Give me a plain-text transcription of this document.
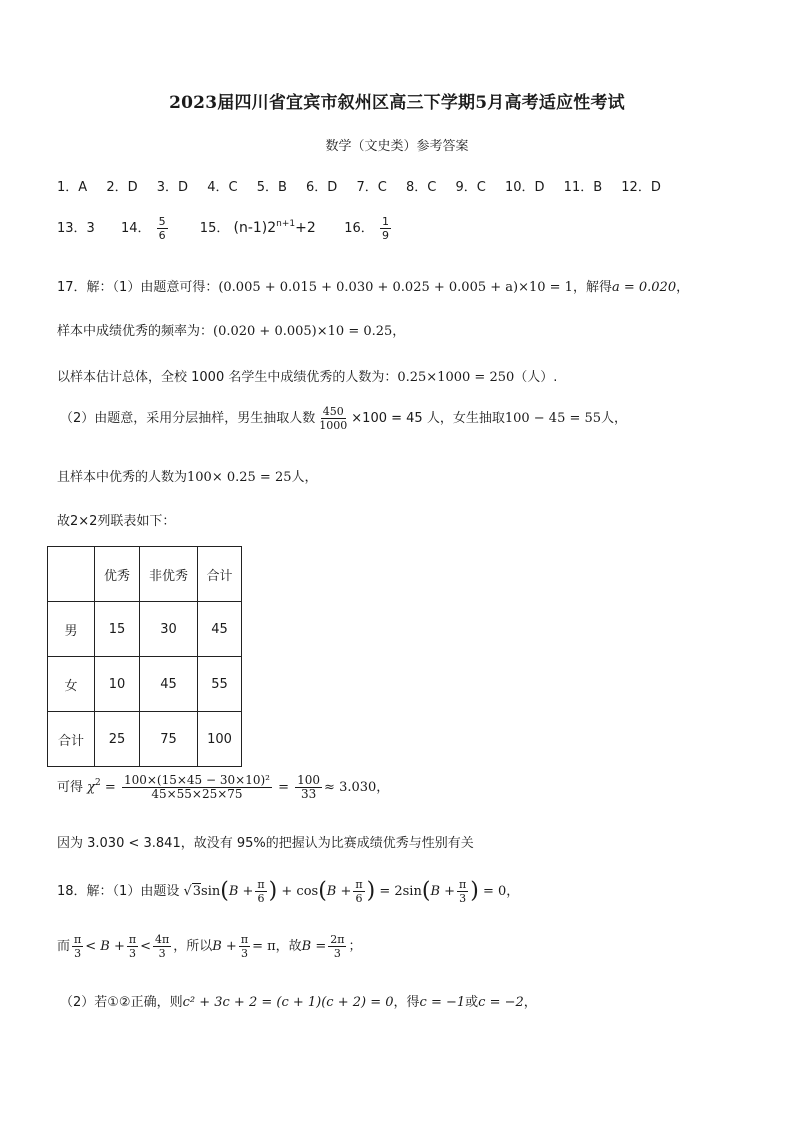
2023届四川省宜宾市叙州区高三下学期5月高考适应性考试
数学（文史类）参考答案
1．A 2．D 3．D 4．C 5．B 6．D 7．C 8．C 9．C 10．D 11．B 12．D
13．3 14． $\frac{5}{6} 15$． $(n-1)2^{n+1}+2$ 16． $\frac{1}{9}$
17．解：（1）由题意可得：(0.005 + 0.015 + 0.030 + 0.025 + 0.005 + a)×10 = 1，解得a = 0.020，
样本中成绩优秀的频率为：(0.020 + 0.005)×10 = 0.25，
以样本估计总体，全校 1000 名学生中成绩优秀的人数为：0.25×1000 = 250（人）.
（2）由题意，采用分层抽样，男生抽取人数 $\frac{450}{1000} \times 100 = 45$ 人，女生抽取100 − 45 = 55人，
且样本中优秀的人数为100× 0.25 = 25人，
故2×2列联表如下：
	优秀	非优秀	合计
男	15	30	45
女	10	45	55
合计	25	75	100
可得 $\chi^2 = \frac{\text{100×(15×45 − 30×10)²}}{45\times 55\times 25\times 75} = \frac{100}{33} \approx 3.030$，
因为 3.030 < 3.841，故没有 95%的把握认为比赛成绩优秀与性别有关
18．解：（1）由题设 $√3\sin(B + \frac{\pi}{6}$ ) + $\cos(B + \frac{\pi}{6}$ ) = $2\sin(B + \frac{\pi}{3}$ ) = 0，
而 $\frac{\pi}{3} < B + \frac{\pi}{3} < \frac{4\pi}{3}$ ，所以$B + \frac{\pi}{3} = \pi$，故$B = \frac{2\pi}{3}$ ；
（2）若①②正确，则c² + 3c + 2 = (c + 1)(c + 2) = 0，得c = −1或c = −2，
